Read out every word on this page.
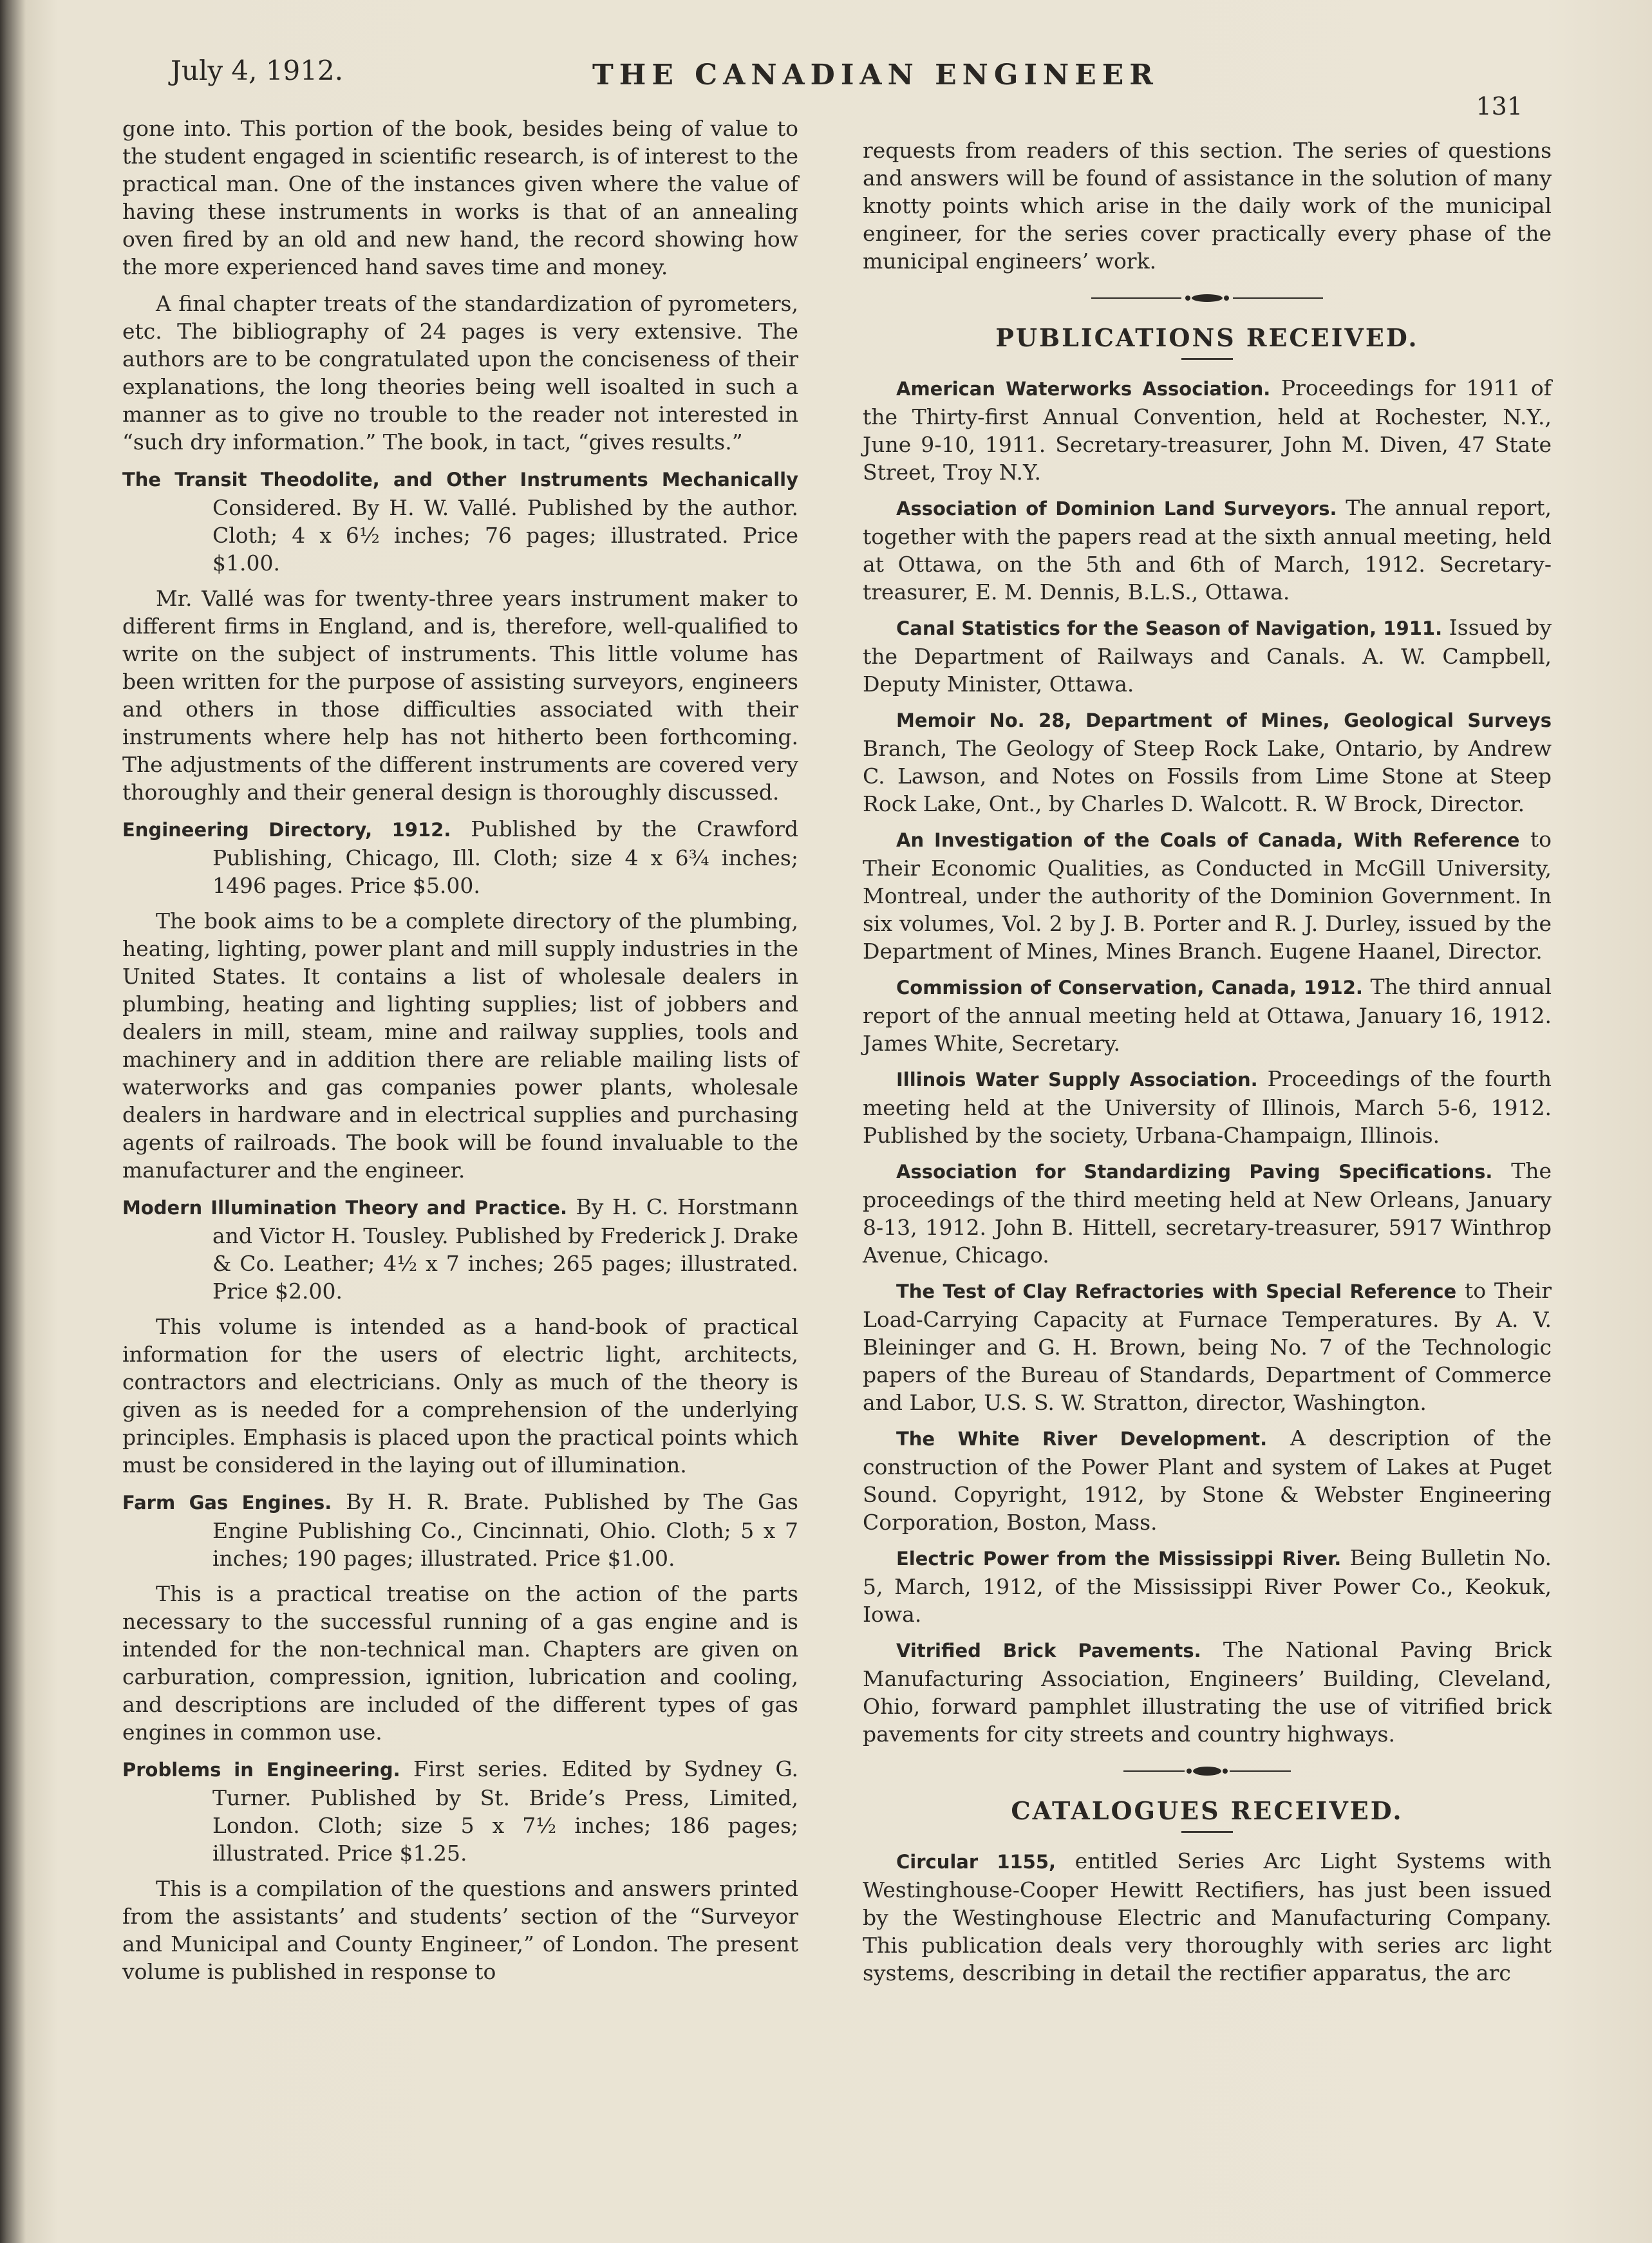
July 4, 1912.	THE CANADIAN ENGINEER
131

gone into. This portion of the book, besides being of value to the student engaged in scientific research, is of interest to the practical man. One of the instances given where the value of having these instruments in works is that of an annealing oven fired by an old and new hand, the record showing how the more experienced hand saves time and money.

A final chapter treats of the standardization of pyrometers, etc. The bibliography of 24 pages is very extensive. The authors are to be congratulated upon the conciseness of their explanations, the long theories being well isoalted in such a manner as to give no trouble to the reader not interested in “such dry information.” The book, in tact, “gives results.”

The Transit Theodolite, and Other Instruments Mechanically Considered. By H. W. Vallé. Published by the author. Cloth; 4 x 6½ inches; 76 pages; illustrated. Price $1.00.

Mr. Vallé was for twenty-three years instrument maker to different firms in England, and is, therefore, well-qualified to write on the subject of instruments. This little volume has been written for the purpose of assisting surveyors, engineers and others in those difficulties associated with their instruments where help has not hitherto been forthcoming. The adjustments of the different instruments are covered very thoroughly and their general design is thoroughly discussed.

Engineering Directory, 1912. Published by the Crawford Publishing, Chicago, Ill. Cloth; size 4 x 6¾ inches; 1496 pages. Price $5.00.

The book aims to be a complete directory of the plumbing, heating, lighting, power plant and mill supply industries in the United States. It contains a list of wholesale dealers in plumbing, heating and lighting supplies; list of jobbers and dealers in mill, steam, mine and railway supplies, tools and machinery and in addition there are reliable mailing lists of waterworks and gas companies power plants, wholesale dealers in hardware and in electrical supplies and purchasing agents of railroads. The book will be found invaluable to the manufacturer and the engineer.

Modern Illumination Theory and Practice. By H. C. Horstmann and Victor H. Tousley. Published by Frederick J. Drake & Co. Leather; 4½ x 7 inches; 265 pages; illustrated. Price $2.00.

This volume is intended as a hand-book of practical information for the users of electric light, architects, contractors and electricians. Only as much of the theory is given as is needed for a comprehension of the underlying principles. Emphasis is placed upon the practical points which must be considered in the laying out of illumination.

Farm Gas Engines. By H. R. Brate. Published by The Gas Engine Publishing Co., Cincinnati, Ohio. Cloth; 5 x 7 inches; 190 pages; illustrated. Price $1.00.

This is a practical treatise on the action of the parts necessary to the successful running of a gas engine and is intended for the non-technical man. Chapters are given on carburation, compression, ignition, lubrication and cooling, and descriptions are included of the different types of gas engines in common use.

Problems in Engineering. First series. Edited by Sydney G. Turner. Published by St. Bride’s Press, Limited, London. Cloth; size 5 x 7½ inches; 186 pages; illustrated. Price $1.25.

This is a compilation of the questions and answers printed from the assistants’ and students’ section of the “Surveyor and Municipal and County Engineer,” of London. The present volume is published in response to

requests from readers of this section. The series of questions and answers will be found of assistance in the solution of many knotty points which arise in the daily work of the municipal engineer, for the series cover practically every phase of the municipal engineers’ work.

PUBLICATIONS RECEIVED.
American Waterworks Association. Proceedings for 1911 of the Thirty-first Annual Convention, held at Rochester, N.Y., June 9-10, 1911. Secretary-treasurer, John M. Diven, 47 State Street, Troy N.Y.
Association of Dominion Land Surveyors. The annual report, together with the papers read at the sixth annual meeting, held at Ottawa, on the 5th and 6th of March, 1912. Secretary-treasurer, E. M. Dennis, B.L.S., Ottawa.
Canal Statistics for the Season of Navigation, 1911. Issued by the Department of Railways and Canals. A. W. Campbell, Deputy Minister, Ottawa.
Memoir No. 28, Department of Mines, Geological Surveys Branch, The Geology of Steep Rock Lake, Ontario, by Andrew C. Lawson, and Notes on Fossils from Lime Stone at Steep Rock Lake, Ont., by Charles D. Walcott. R. W Brock, Director.
An Investigation of the Coals of Canada, With Reference to Their Economic Qualities, as Conducted in McGill University, Montreal, under the authority of the Dominion Government. In six volumes, Vol. 2 by J. B. Porter and R. J. Durley, issued by the Department of Mines, Mines Branch. Eugene Haanel, Director.
Commission of Conservation, Canada, 1912. The third annual report of the annual meeting held at Ottawa, January 16, 1912. James White, Secretary.
Illinois Water Supply Association. Proceedings of the fourth meeting held at the University of Illinois, March 5-6, 1912. Published by the society, Urbana-Champaign, Illinois.
Association for Standardizing Paving Specifications. The proceedings of the third meeting held at New Orleans, January 8-13, 1912. John B. Hittell, secretary-treasurer, 5917 Winthrop Avenue, Chicago.
The Test of Clay Refractories with Special Reference to Their Load-Carrying Capacity at Furnace Temperatures. By A. V. Bleininger and G. H. Brown, being No. 7 of the Technologic papers of the Bureau of Standards, Department of Commerce and Labor, U.S. S. W. Stratton, director, Washington.
The White River Development. A description of the construction of the Power Plant and system of Lakes at Puget Sound. Copyright, 1912, by Stone & Webster Engineering Corporation, Boston, Mass.
Electric Power from the Mississippi River. Being Bulletin No. 5, March, 1912, of the Mississippi River Power Co., Keokuk, Iowa.
Vitrified Brick Pavements. The National Paving Brick Manufacturing Association, Engineers’ Building, Cleveland, Ohio, forward pamphlet illustrating the use of vitrified brick pavements for city streets and country highways.
CATALOGUES RECEIVED.
Circular 1155, entitled Series Arc Light Systems with Westinghouse-Cooper Hewitt Rectifiers, has just been issued by the Westinghouse Electric and Manufacturing Company. This publication deals very thoroughly with series arc light systems, describing in detail the rectifier apparatus, the arc
